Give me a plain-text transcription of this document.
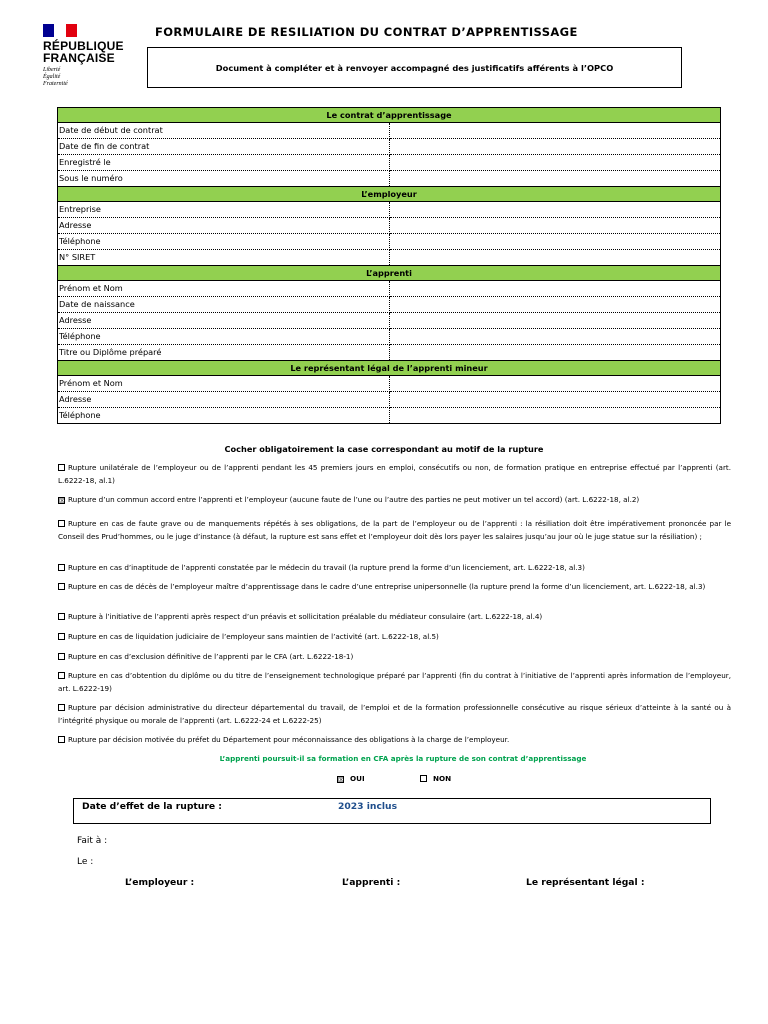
RÉPUBLIQUE
FRANÇAISE
Liberté
Égalité
Fraternité
FORMULAIRE DE RESILIATION DU CONTRAT D’APPRENTISSAGE
Document à compléter et à renvoyer accompagné des justificatifs afférents à l’OPCO
Le contrat d’apprentissage	
Date de début de contrat	
Date de fin de contrat	
Enregistré le	
Sous le numéro	
L’employeur	
Entreprise	
Adresse	
Téléphone	
N° SIRET	
L’apprenti	
Prénom et Nom	
Date de naissance	
Adresse	
Téléphone	
Titre ou Diplôme préparé	
Le représentant légal de l’apprenti mineur	
Prénom et Nom	
Adresse	
Téléphone	
Cocher obligatoirement la case correspondant au motif de la rupture
Rupture unilatérale de l’employeur ou de l’apprenti pendant les 45 premiers jours en emploi, consécutifs ou non, de formation pratique en entreprise effectué par l’apprenti (art. L.6222-18, al.1)
☒ Rupture d’un commun accord entre l’apprenti et l’employeur (aucune faute de l’une ou l’autre des parties ne peut motiver un tel accord) (art. L.6222-18, al.2)
Rupture en cas de faute grave ou de manquements répétés à ses obligations, de la part de l’employeur ou de l’apprenti : la résiliation doit être impérativement prononcée par le Conseil des Prud’hommes, ou le juge d’instance (à défaut, la rupture est sans effet et l’employeur doit dès lors payer les salaires jusqu’au jour où le juge statue sur la résiliation) ;
Rupture en cas d’inaptitude de l’apprenti constatée par le médecin du travail (la rupture prend la forme d’un licenciement, art. L.6222-18, al.3)
Rupture en cas de décès de l’employeur maître d’apprentissage dans le cadre d’une entreprise unipersonnelle (la rupture prend la forme d’un licenciement, art. L.6222-18, al.3)
Rupture à l’initiative de l’apprenti après respect d’un préavis et sollicitation préalable du médiateur consulaire (art. L.6222-18, al.4)
Rupture en cas de liquidation judiciaire de l’employeur sans maintien de l’activité (art. L.6222-18, al.5)
Rupture en cas d’exclusion définitive de l’apprenti par le CFA (art. L.6222-18-1)
Rupture en cas d’obtention du diplôme ou du titre de l’enseignement technologique préparé par l’apprenti (fin du contrat à l’initiative de l’apprenti après information de l’employeur, art. L.6222-19)
Rupture par décision administrative du directeur départemental du travail, de l’emploi et de la formation professionnelle consécutive au risque sérieux d’atteinte à la santé ou à l’intégrité physique ou morale de l’apprenti (art. L.6222-24 et L.6222-25)
Rupture par décision motivée du préfet du Département pour méconnaissance des obligations à la charge de l’employeur.
L’apprenti poursuit-il sa formation en CFA après la rupture de son contrat d’apprentissage
☒ OUI	NON
Date d’effet de la rupture :	2023 inclus
Fait à :
Le :
L’employeur :	L’apprenti :	Le représentant légal :
